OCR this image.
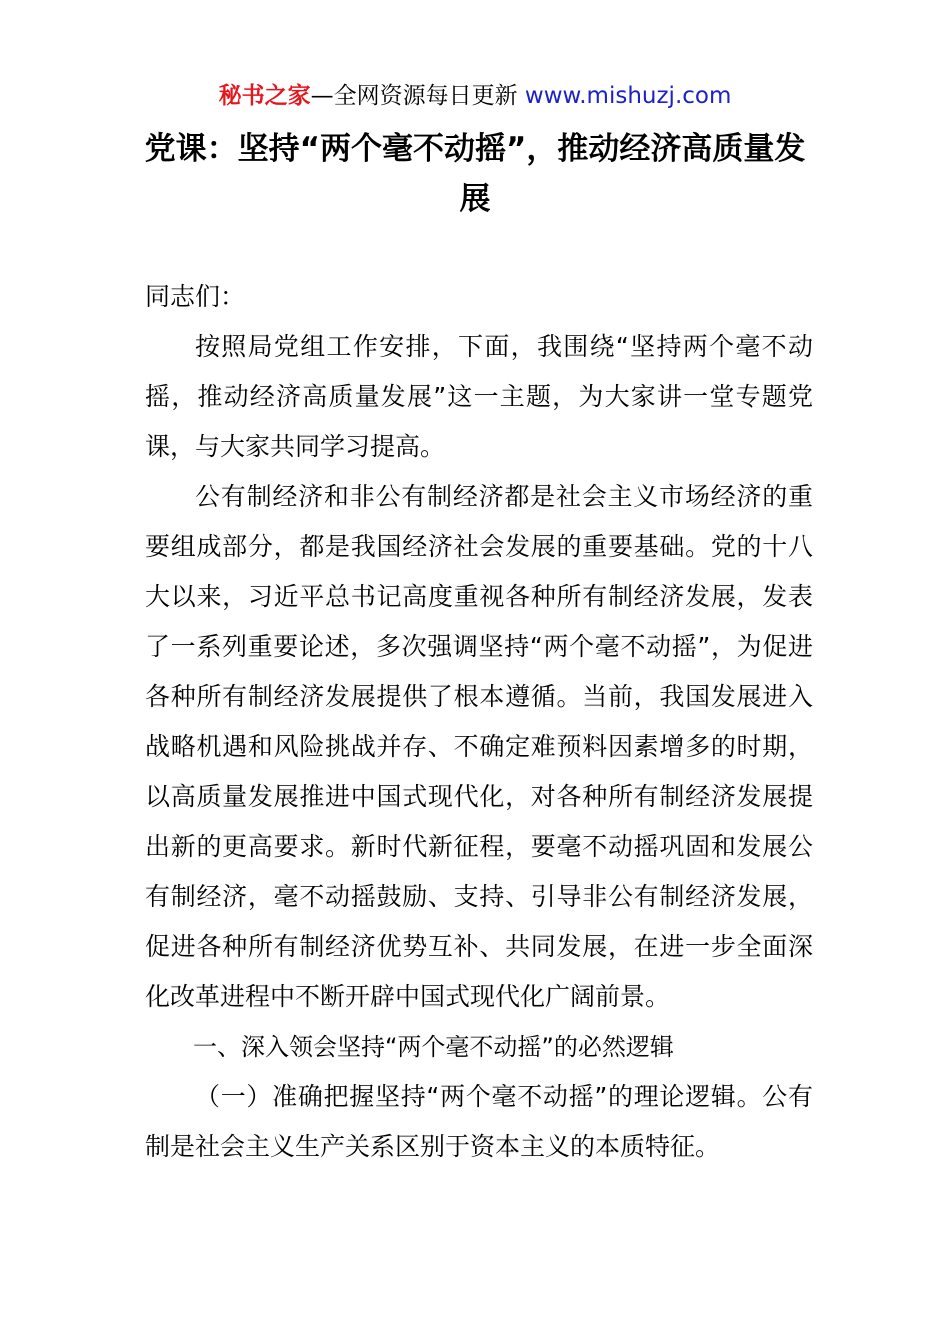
秘书之家—全网资源每日更新 www.mishuzj.com
党课：坚持“两个毫不动摇”，推动经济高质量发展

同志们：

按照局党组工作安排，下面，我围绕“坚持两个毫不动摇，推动经济高质量发展”这一主题，为大家讲一堂专题党课，与大家共同学习提高。

公有制经济和非公有制经济都是社会主义市场经济的重要组成部分，都是我国经济社会发展的重要基础。党的十八大以来，习近平总书记高度重视各种所有制经济发展，发表了一系列重要论述，多次强调坚持“两个毫不动摇”，为促进各种所有制经济发展提供了根本遵循。当前，我国发展进入战略机遇和风险挑战并存、不确定难预料因素增多的时期，以高质量发展推进中国式现代化，对各种所有制经济发展提出新的更高要求。新时代新征程，要毫不动摇巩固和发展公有制经济，毫不动摇鼓励、支持、引导非公有制经济发展，促进各种所有制经济优势互补、共同发展，在进一步全面深化改革进程中不断开辟中国式现代化广阔前景。

一、深入领会坚持“两个毫不动摇”的必然逻辑

（一）准确把握坚持“两个毫不动摇”的理论逻辑。公有制是社会主义生产关系区别于资本主义的本质特征。
